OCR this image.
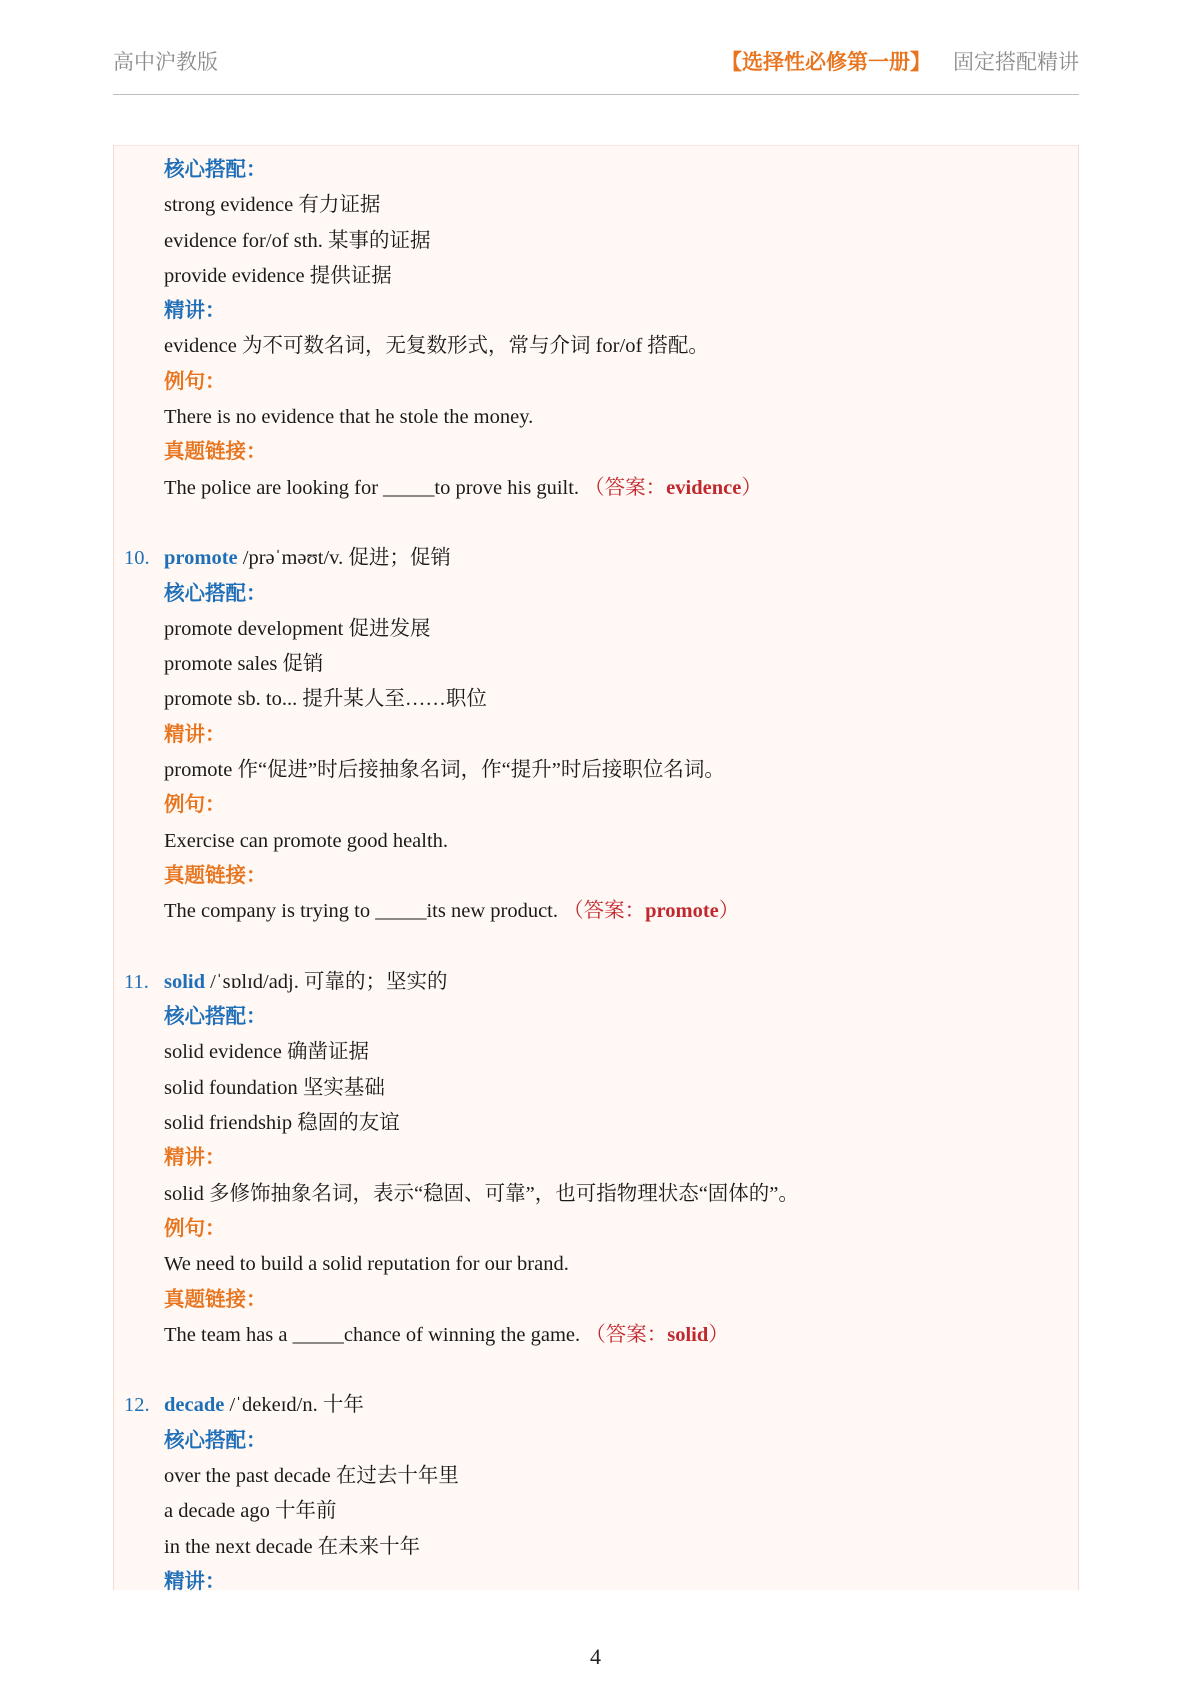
高中沪教版	【选择性必修第一册】 固定搭配精讲
核心搭配：
strong evidence 有力证据
evidence for/of sth. 某事的证据
provide evidence 提供证据
精讲：
evidence 为不可数名词，无复数形式，常与介词 for/of 搭配。
例句：
There is no evidence that he stole the money.
真题链接：
The police are looking for _____to prove his guilt. （答案：evidence）
10. promote /prəˈməʊt/v. 促进；促销
核心搭配：
promote development 促进发展
promote sales 促销
promote sb. to... 提升某人至……职位
精讲：
promote 作“促进”时后接抽象名词，作“提升”时后接职位名词。
例句：
Exercise can promote good health.
真题链接：
The company is trying to _____its new product. （答案：promote）
11. solid /ˈsɒlɪd/adj. 可靠的；坚实的
核心搭配：
solid evidence 确凿证据
solid foundation 坚实基础
solid friendship 稳固的友谊
精讲：
solid 多修饰抽象名词，表示“稳固、可靠”，也可指物理状态“固体的”。
例句：
We need to build a solid reputation for our brand.
真题链接：
The team has a _____chance of winning the game. （答案：solid）
12. decade /ˈdekeɪd/n. 十年
核心搭配：
over the past decade 在过去十年里
a decade ago 十年前
in the next decade 在未来十年
精讲：
4
